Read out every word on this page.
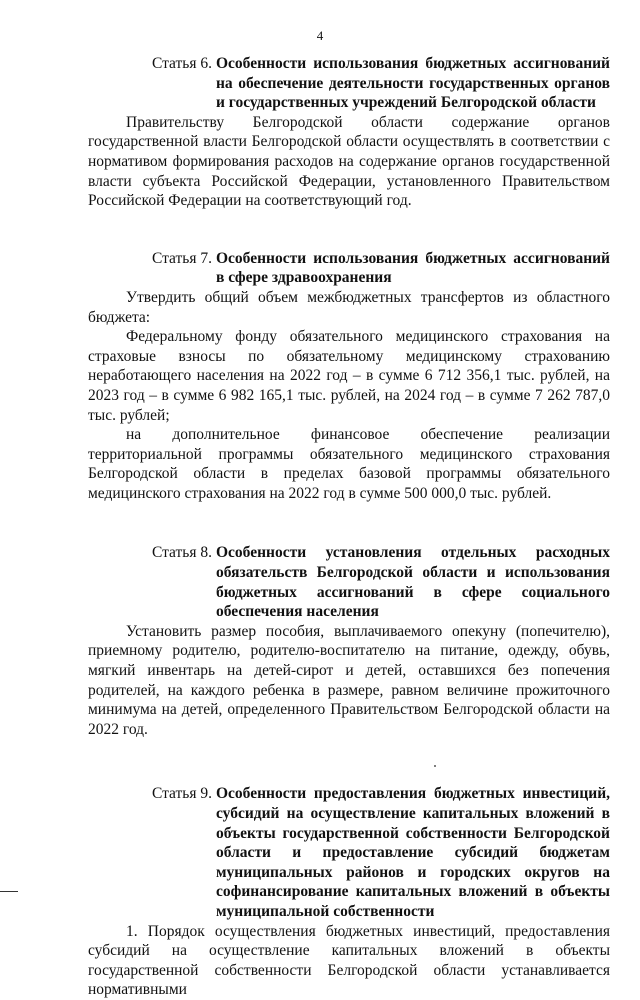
4
Статья 6. Особенности использования бюджетных ассигнований на обеспечение деятельности государственных органов и государственных учреждений Белгородской области

Правительству Белгородской области содержание органов государственной власти Белгородской области осуществлять в соответствии с нормативом формирования расходов на содержание органов государственной власти субъекта Российской Федерации, установленного Правительством Российской Федерации на соответствующий год.

Статья 7. Особенности использования бюджетных ассигнований в сфере здравоохранения

Утвердить общий объем межбюджетных трансфертов из областного бюджета:

Федеральному фонду обязательного медицинского страхования на страховые взносы по обязательному медицинскому страхованию неработающего населения на 2022 год – в сумме 6 712 356,1 тыс. рублей, на 2023 год – в сумме 6 982 165,1 тыс. рублей, на 2024 год – в сумме 7 262 787,0 тыс. рублей;

на дополнительное финансовое обеспечение реализации территориальной программы обязательного медицинского страхования Белгородской области в пределах базовой программы обязательного медицинского страхования на 2022 год в сумме 500 000,0 тыс. рублей.

Статья 8. Особенности установления отдельных расходных обязательств Белгородской области и использования бюджетных ассигнований в сфере социального обеспечения населения

Установить размер пособия, выплачиваемого опекуну (попечителю), приемному родителю, родителю-воспитателю на питание, одежду, обувь, мягкий инвентарь на детей-сирот и детей, оставшихся без попечения родителей, на каждого ребенка в размере, равном величине прожиточного минимума на детей, определенного Правительством Белгородской области на 2022 год.

Статья 9. Особенности предоставления бюджетных инвестиций, субсидий на осуществление капитальных вложений в объекты государственной собственности Белгородской области и предоставление субсидий бюджетам муниципальных районов и городских округов на софинансирование капитальных вложений в объекты муниципальной собственности

1. Порядок осуществления бюджетных инвестиций, предоставления субсидий на осуществление капитальных вложений в объекты государственной собственности Белгородской области устанавливается нормативными
